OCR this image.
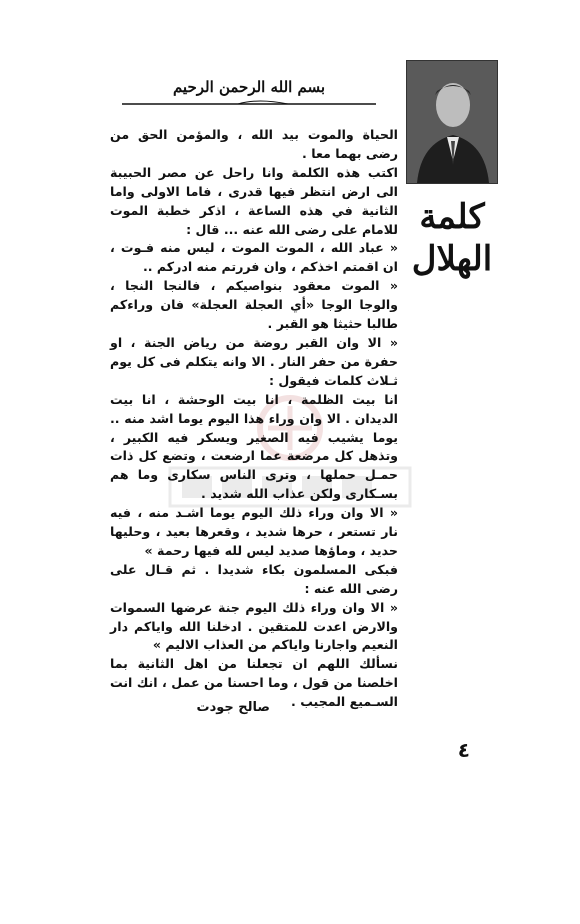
بسم الله الرحمن الرحيم
كلمة
الهلال

الحياة والموت بيد الله ، والمؤمن الحق من رضى بهما معا .

اكتب هذه الكلمة وانا راحل عن مصر الحبيبة الى ارض انتظر فيها قدرى ، فاما الاولى واما الثانية في هذه الساعة ، اذكر خطبة الموت للامام على رضى الله عنه ... قال :

« عباد الله ، الموت الموت ، ليس منه فـوت ، ان اقمتم اخذكم ، وان فررتم منه ادركم ..

« الموت معقود بنواصيكم ، فالنجا النجا ، والوجا الوجا «أي العجلة العجلة» فان وراءكم طالبا حثيثا هو القبر .

« الا وان القبر روضة من رياض الجنة ، او حفرة من حفر النار . الا وانه يتكلم فى كل يوم ثـلاث كلمات فيقول :

انا بيت الظلمة ، انا بيت الوحشة ، انا بيت الديدان . الا وان وراء هذا اليوم يوما اشد منه .. يوما يشيب فيه الصغير ويسكر فيه الكبير ، وتذهل كل مرضعة عما ارضعت ، وتضع كل ذات حمـل حملها ، وترى الناس سكارى وما هم بسـكارى ولكن عذاب الله شديد .

« الا وان وراء ذلك اليوم يوما اشـد منه ، فيه نار تستعر ، حرها شديد ، وقعرها بعيد ، وحليها حديد ، وماؤها صديد ليس لله فيها رحمة »

فبكى المسلمون بكاء شديدا . ثم قـال على رضى الله عنه :

« الا وان وراء ذلك اليوم جنة عرضها السموات والارض اعدت للمتقين . ادخلنا الله واياكم دار النعيم واجارنا واياكم من العذاب الاليم »

نسألك اللهم ان تجعلنا من اهل الثانية بما اخلصنا من قول ، وما احسنا من عمل ، انك انت السـميع المجيب .

صالح جودت
٤
